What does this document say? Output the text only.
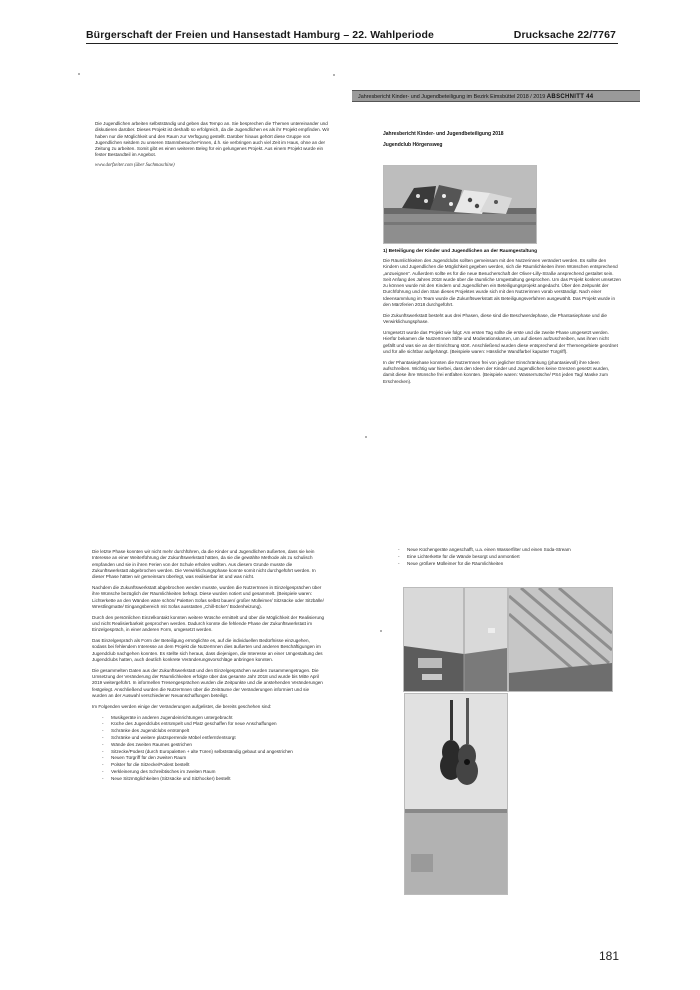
Bürgerschaft der Freien und Hansestadt Hamburg – 22. Wahlperiode	Drucksache 22/7767
Jahresbericht Kinder- und Jugendbeteiligung im Bezirk Eimsbüttel 2018 / 2019 ABSCHNITT 44

Die Jugendlichen arbeiten selbstständig und geben das Tempo an. Sie besprechen die Themen untereinander und diskutieren darüber. Dieses Projekt ist deshalb so erfolgreich, da die Jugendlichen es als ihr Projekt empfinden. Wir haben nur die Möglichkeit und den Raum zur Verfügung gestellt. Darüber hinaus gehört diese Gruppe von Jugendlichen seitdem zu unseren Stammbesucher*innen, d.h. sie verbringen auch viel Zeit im Haus, ohne an der Zeitung zu arbeiten. Somit gibt es einen weiteren Beleg für ein gelungenes Projekt. Aus einem Projekt wurde ein fester Bestandteil im Angebot.

www.dorfzeiter.com (über Suchmaschine)

Jahresbericht Kinder- und Jugendbeteiligung 2018
Jugendclub Hörgensweg
1) Beteiligung der Kinder und Jugendlichen an der Raumgestaltung

Die Räumlichkeiten des Jugendclubs sollten gemeinsam mit den Nutzerinnen verändert werden. Es sollte den Kindern und Jugendlichen die Möglichkeit gegeben werden, sich die Räumlichkeiten ihren Wünschen entsprechend „anzueignen“. Außerdem sollte es für die neue Besucherschaft der Oliver-Lilly-Straße ansprechend gestaltet sein. Seit Anfang des Jahres 2018 wurde über die räumliche Umgestaltung gesprochen. Um das Projekt konkret umsetzen zu können wurde mit den Kindern und Jugendlichen ein Beteiligungsprojekt angedacht. Über den Zeitpunkt der Durchführung und den Stan dieses Projektes wurde sich mit den Nutzerinnen vorab verständigt. Nach einer Ideensammlung im Team wurde die Zukunftswerkstatt als Beteiligungsverfahren ausgewählt. Das Projekt wurde in den Märzferien 2018 durchgeführt.

Die Zukunftswerkstatt besteht aus drei Phasen, diese sind die Beschwerdephase, die Phantasiephase und die Verwirklichungsphase.

Umgesetzt wurde das Projekt wie folgt: Am ersten Tag sollte die erste und die zweite Phase umgesetzt werden. Hierfür bekamen die NutzerInnen Stifte und Moderationskarten, um auf diesen aufzuschreiben, was ihnen nicht gefällt und was sie an der Einrichtung stört. Anschließend wurden diese entsprechend der Themengebiete geordnet und für alle sichtbar aufgehängt. (Beispiele waren: Hässliche Wandfarbe/ kaputter Türgriff).

In der Phantasiephase konnten die NutzerInnen frei von jeglicher Einschränkung (phantasievoll) ihre Ideen aufschreiben. Wichtig war hierbei, dass den Ideen der Kinder und Jugendlichen keine Grenzen gesetzt wurden, damit diese ihre Wünsche frei entfalten konnten. (Beispiele waren: Wasserrutsche/ PS4 jeden Tag/ Maske zum Erschrecken).

Die letzte Phase konnten wir nicht mehr durchführen, da die Kinder und Jugendlichen äußerten, dass sie kein Interesse an einer Weiterführung der Zukunftswerkstatt hätten, da sie die gewählte Methode als zu schulisch empfanden und sie in ihren Ferien von der Schule erholen wollten. Aus diesem Grunde musste die Zukunftswerkstatt abgebrochen werden. Die Verwirklichungsphase konnte somit nicht durchgeführt werden. In dieser Phase hätten wir gemeinsam überlegt, was realisierbar ist und was nicht.

Nachdem die Zukunftswerkstatt abgebrochen werden musste, wurden die NutzerInnen in Einzelgesprächen über ihre Wünsche bezüglich der Räumlichkeiten befragt. Diese wurden notiert und gesammelt. (Beispiele waren: Lichterkette an den Wänden wäre schön/ Paletten Sofas selbst bauen/ großer Mülleimer/ Sitzsäcke oder Sitzbälle/ Wrestlingmatte/ Eingangsbereich mit Sofas ausstatten „Chill-Ecke“/ Bodenheizung).

Durch den persönlichen Einzelkontakt konnten weitere Wüsche ermittelt und über die Möglichkeit der Realisierung und nicht Realisierbarkeit gesprochen werden. Dadurch konnte die fehlende Phase der Zukunftswerkstatt im Einzelgespräch, in einer anderen Form, umgesetzt werden.

Das Einzelgespräch als Form der Beteiligung ermöglichte es, auf die individuellen Bedürfnisse einzugehen, sodass bei fehlendem Interesse an dem Projekt die NutzerInnen dies äußerten und anderen Beschäftigungen im Jugendclub nachgehen konnten. Es stellte sich heraus, dass diejenigen, die Interesse an einer Umgestaltung des Jugendclubs hatten, auch deutlich konkrete Veränderungsvorschläge anbringen konnten.

Die gesammelten Daten aus der Zukunftswerkstatt und den Einzelgesprächen wurden zusammengetragen. Die Umsetzung der Veränderung der Räumlichkeiten erfolgte über das gesamte Jahr 2018 und wurde bis Mitte April 2019 weitergeführt. In informellen Tresengesprächen wurden die Zeitpunkte und die anstehenden Veränderungen festgelegt. Anschließend wurden die NutzerInnen über die Zeiträume der Veränderungen informiert und sie wurden an der Auswahl verschiedener Neuanschaffungen beteiligt.

Im Folgenden werden einige der Veränderungen aufgelistet, die bereits geschehen sind:

- Musikgeräte in anderen Jugendeinrichtungen untergebracht
- Küche des Jugendclubs entrümpelt und Platz geschaffen für neue Anschaffungen
- Schränke des Jugendclubs entrümpelt
- Schränke und weitere platzsperrende Möbel entfernt/entsorgt
- Wände des zweiten Raumes gestrichen
- Sitzecke/Podest (durch Europaletten + alte Türen) selbstständig gebaut und angestrichen
- Neuen Türgriff für den zweiten Raum
- Polster für die Sitzecke/Podest bestellt
- Verkleinerung des Schreibtisches im zweiten Raum
- Neue Sitzmöglichkeiten (Sitzsäcke und Sitzhocker) bestellt
- Neue Küchengeräte angeschafft, u.a. einen Wasserfilter und einen Soda-Stream
- Eine Lichterkette für die Wände besorgt und anmontiert
- Neue größere Mülleimer für die Räumlichkeiten
181
